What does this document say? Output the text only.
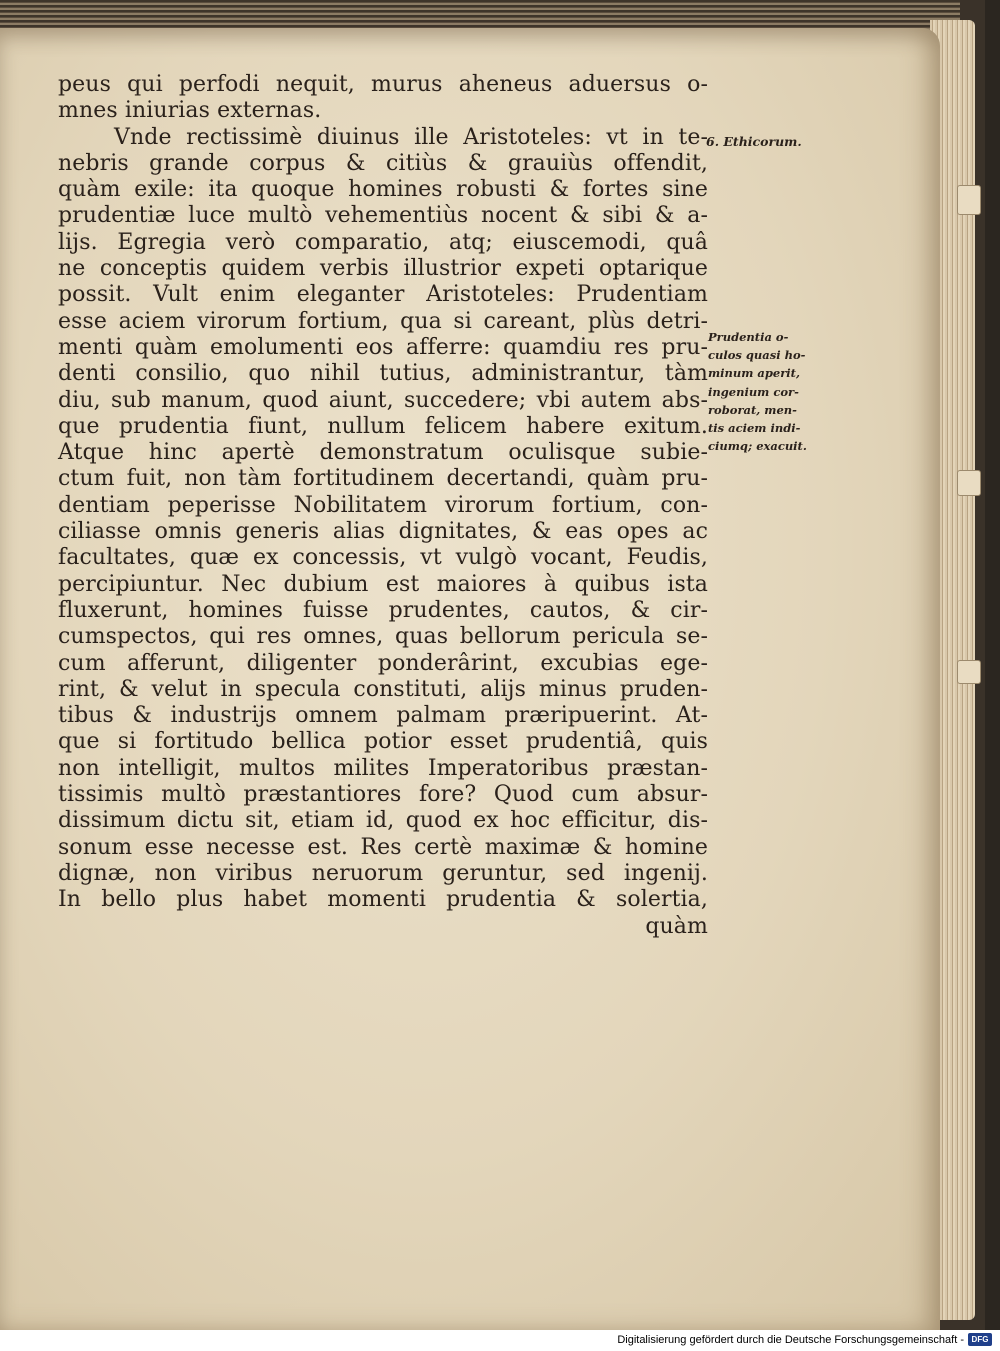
peus qui perfodi nequit, murus aheneus aduersus o-
mnes iniurias externas.
Vnde rectissimè diuinus ille Aristoteles: vt in te-
nebris grande corpus & citiùs & grauiùs offendit,
quàm exile: ita quoque homines robusti & fortes sine
prudentiæ luce multò vehementiùs nocent & sibi & a-
lijs. Egregia verò comparatio, atq; eiuscemodi, quâ
ne conceptis quidem verbis illustrior expeti optarique
possit. Vult enim eleganter Aristoteles: Prudentiam
esse aciem virorum fortium, qua si careant, plùs detri-
menti quàm emolumenti eos afferre: quamdiu res pru-
denti consilio, quo nihil tutius, administrantur, tàm
diu, sub manum, quod aiunt, succedere; vbi autem abs-
que prudentia fiunt, nullum felicem habere exitum.
Atque hinc apertè demonstratum oculisque subie-
ctum fuit, non tàm fortitudinem decertandi, quàm pru-
dentiam peperisse Nobilitatem virorum fortium, con-
ciliasse omnis generis alias dignitates, & eas opes ac
facultates, quæ ex concessis, vt vulgò vocant, Feudis,
percipiuntur. Nec dubium est maiores à quibus ista
fluxerunt, homines fuisse prudentes, cautos, & cir-
cumspectos, qui res omnes, quas bellorum pericula se-
cum afferunt, diligenter ponderârint, excubias ege-
rint, & velut in specula constituti, alijs minus pruden-
tibus & industrijs omnem palmam præripuerint. At-
que si fortitudo bellica potior esset prudentiâ, quis
non intelligit, multos milites Imperatoribus præstan-
tissimis multò præstantiores fore? Quod cum absur-
dissimum dictu sit, etiam id, quod ex hoc efficitur, dis-
sonum esse necesse est. Res certè maximæ & homine
dignæ, non viribus neruorum geruntur, sed ingenij.
In bello plus habet momenti prudentia & solertia,
quàm
6. Ethicorum.
Prudentia o-
culos quasi ho-
minum aperit,
ingenium cor-
roborat, men-
tis aciem indi-
ciumq; exacuit.
Digitalisierung gefördert durch die Deutsche Forschungsgemeinschaft - DFG
